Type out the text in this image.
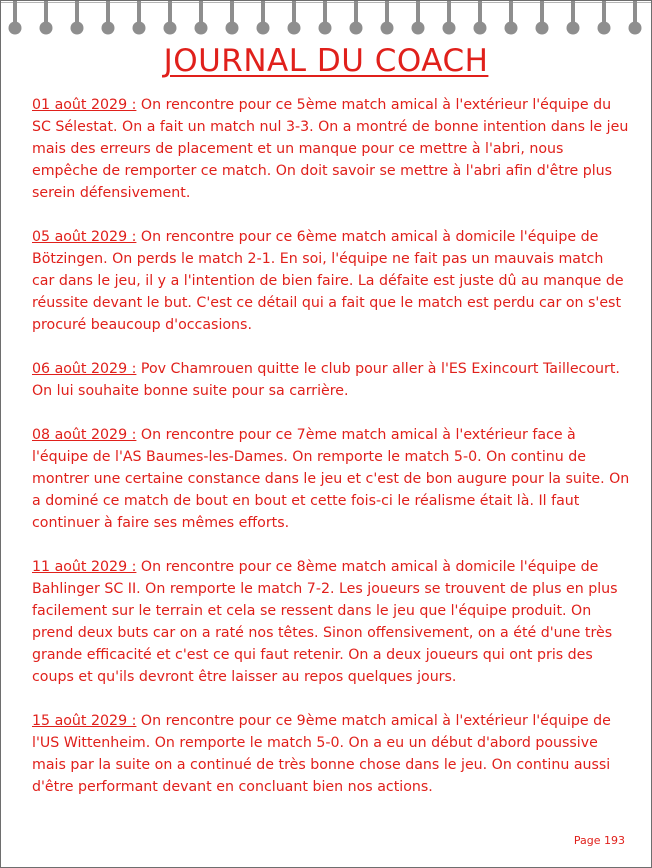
JOURNAL DU COACH

01 août 2029 : On rencontre pour ce 5ème match amical à l'extérieur l'équipe du SC Sélestat. On a fait un match nul 3-3. On a montré de bonne intention dans le jeu mais des erreurs de placement et un manque pour ce mettre à l'abri, nous empêche de remporter ce match. On doit savoir se mettre à l'abri afin d'être plus serein défensivement.

05 août 2029 : On rencontre pour ce 6ème match amical à domicile l'équipe de Bötzingen. On perds le match 2-1. En soi, l'équipe ne fait pas un mauvais match car dans le jeu, il y a l'intention de bien faire. La défaite est juste dû au manque de réussite devant le but. C'est ce détail qui a fait que le match est perdu car on s'est procuré beaucoup d'occasions.

06 août 2029 : Pov Chamrouen quitte le club pour aller à l'ES Exincourt Taillecourt. On lui souhaite bonne suite pour sa carrière.

08 août 2029 : On rencontre pour ce 7ème match amical à l'extérieur face à l'équipe de l'AS Baumes-les-Dames. On remporte le match 5-0. On continu de montrer une certaine constance dans le jeu et c'est de bon augure pour la suite. On a dominé ce match de bout en bout et cette fois-ci le réalisme était là. Il faut continuer à faire ses mêmes efforts.

11 août 2029 : On rencontre pour ce 8ème match amical à domicile l'équipe de Bahlinger SC II. On remporte le match 7-2. Les joueurs se trouvent de plus en plus facilement sur le terrain et cela se ressent dans le jeu que l'équipe produit. On prend deux buts car on a raté nos têtes. Sinon offensivement, on a été d'une très grande efficacité et c'est ce qui faut retenir. On a deux joueurs qui ont pris des coups et qu'ils devront être laisser au repos quelques jours.

15 août 2029 : On rencontre pour ce 9ème match amical à l'extérieur l'équipe de l'US Wittenheim. On remporte le match 5-0. On a eu un début d'abord poussive mais par la suite on a continué de très bonne chose dans le jeu. On continu aussi d'être performant devant en concluant bien nos actions.

Page 193
